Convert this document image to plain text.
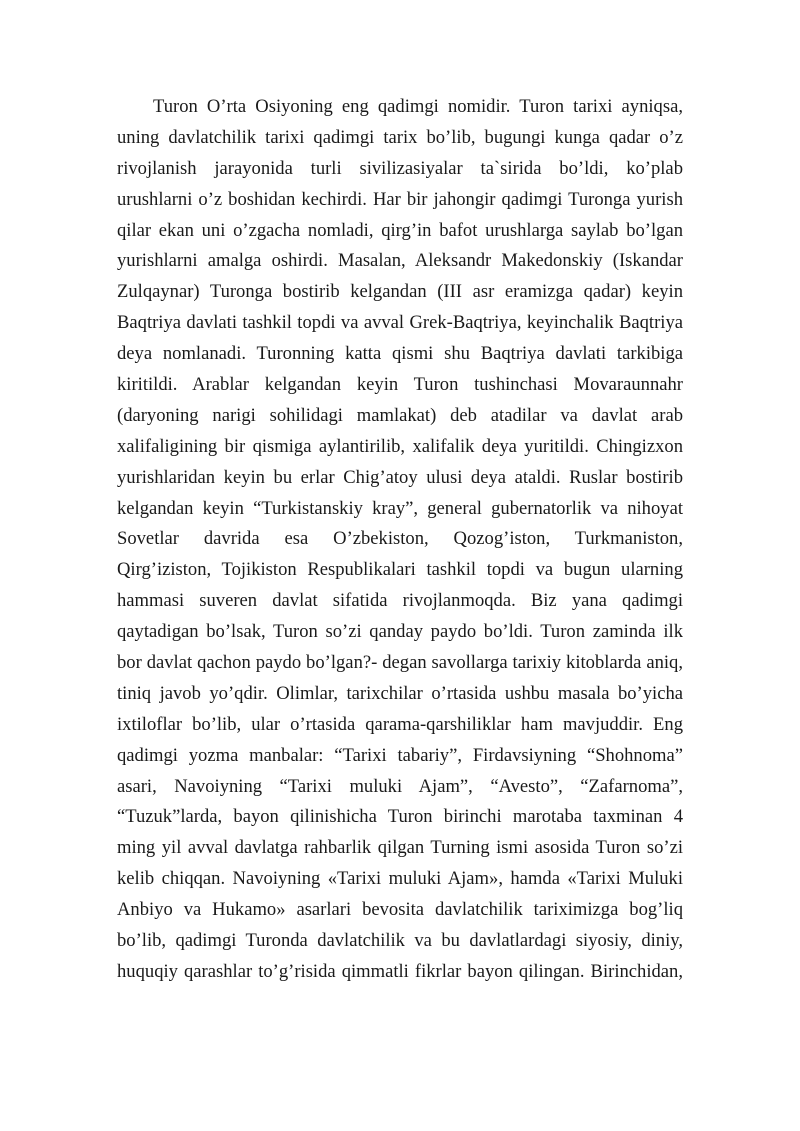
Turon O’rta Osiyoning eng qadimgi nomidir. Turon tarixi ayniqsa,
uning davlatchilik tarixi qadimgi tarix bo’lib, bugungi kunga qadar o’z
rivojlanish jarayonida turli sivilizasiyalar ta`sirida bo’ldi, ko’plab
urushlarni o’z boshidan kechirdi. Har bir jahongir qadimgi Turonga yurish
qilar ekan uni o’zgacha nomladi, qirg’in bafot urushlarga saylab bo’lgan
yurishlarni amalga oshirdi. Masalan, Aleksandr Makedonskiy (Iskandar
Zulqaynar) Turonga bostirib kelgandan (III asr eramizga qadar) keyin
Baqtriya davlati tashkil topdi va avval Grek-Baqtriya, keyinchalik Baqtriya
deya nomlanadi. Turonning katta qismi shu Baqtriya davlati tarkibiga
kiritildi. Arablar kelgandan keyin Turon tushinchasi Movaraunnahr
(daryoning narigi sohilidagi mamlakat) deb atadilar va davlat arab
xalifaligining bir qismiga aylantirilib, xalifalik deya yuritildi. Chingizxon
yurishlaridan keyin bu erlar Chig’atoy ulusi deya ataldi. Ruslar bostirib
kelgandan keyin “Turkistanskiy kray”, general gubernatorlik va nihoyat
Sovetlar davrida esa O’zbekiston, Qozog’iston, Turkmaniston,
Qirg’iziston, Tojikiston Respublikalari tashkil topdi va bugun ularning
hammasi suveren davlat sifatida rivojlanmoqda. Biz yana qadimgi
qaytadigan bo’lsak, Turon so’zi qanday paydo bo’ldi. Turon zaminda ilk
bor davlat qachon paydo bo’lgan?- degan savollarga tarixiy kitoblarda aniq,
tiniq javob yo’qdir. Olimlar, tarixchilar o’rtasida ushbu masala bo’yicha
ixtiloflar bo’lib, ular o’rtasida qarama-qarshiliklar ham mavjuddir. Eng
qadimgi yozma manbalar: “Tarixi tabariy”, Firdavsiyning “Shohnoma”
asari, Navoiyning “Tarixi muluki Ajam”, “Avesto”, “Zafarnoma”,
“Tuzuk”larda, bayon qilinishicha Turon birinchi marotaba taxminan 4
ming yil avval davlatga rahbarlik qilgan Turning ismi asosida Turon so’zi
kelib chiqqan. Navoiyning «Tarixi muluki Ajam», hamda «Tarixi Muluki
Anbiyo va Hukamo» asarlari bevosita davlatchilik tariximizga bog’liq
bo’lib, qadimgi Turonda davlatchilik va bu davlatlardagi siyosiy, diniy,
huquqiy qarashlar to’g’risida qimmatli fikrlar bayon qilingan. Birinchidan,
